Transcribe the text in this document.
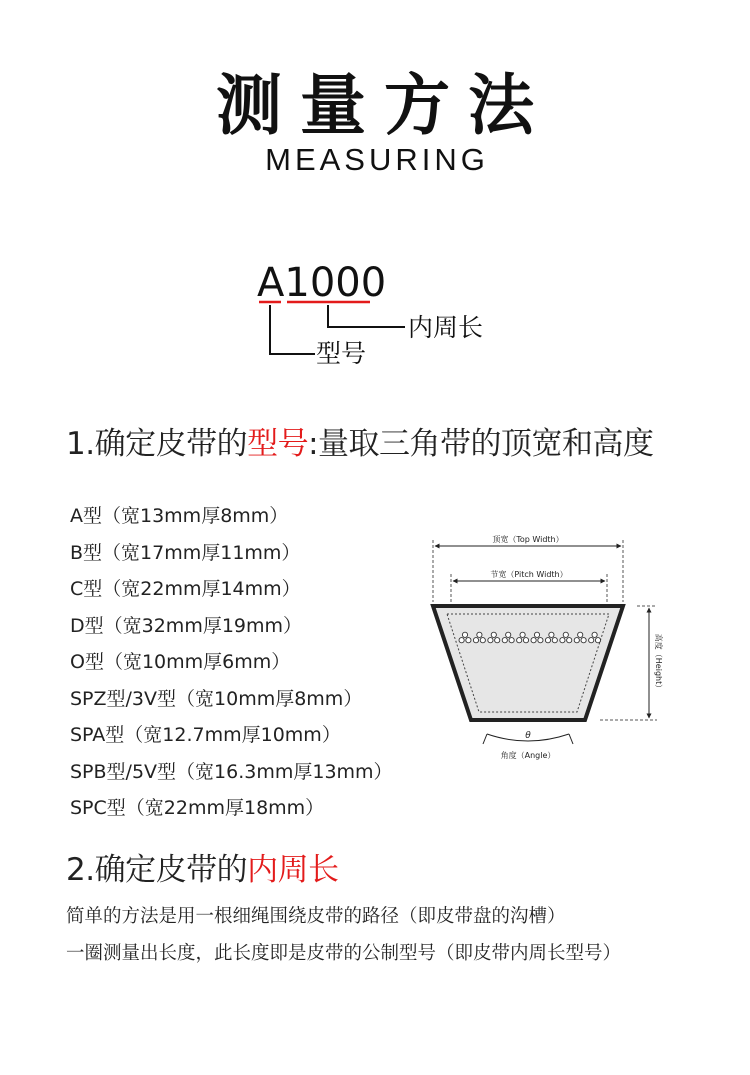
测量方法
MEASURING
A1000
内周长
型号
1.确定皮带的型号:量取三角带的顶宽和高度
A型（宽13mm厚8mm）
B型（宽17mm厚11mm）
C型（宽22mm厚14mm）
D型（宽32mm厚19mm）
O型（宽10mm厚6mm）
SPZ型/3V型（宽10mm厚8mm）
SPA型（宽12.7mm厚10mm）
SPB型/5V型（宽16.3mm厚13mm）
SPC型（宽22mm厚18mm）
顶宽（Top Width）
节宽（Pitch Width）
高度（Height）
θ
角度（Angle）
2.确定皮带的内周长
简单的方法是用一根细绳围绕皮带的路径（即皮带盘的沟槽）
一圈测量出长度，此长度即是皮带的公制型号（即皮带内周长型号）
